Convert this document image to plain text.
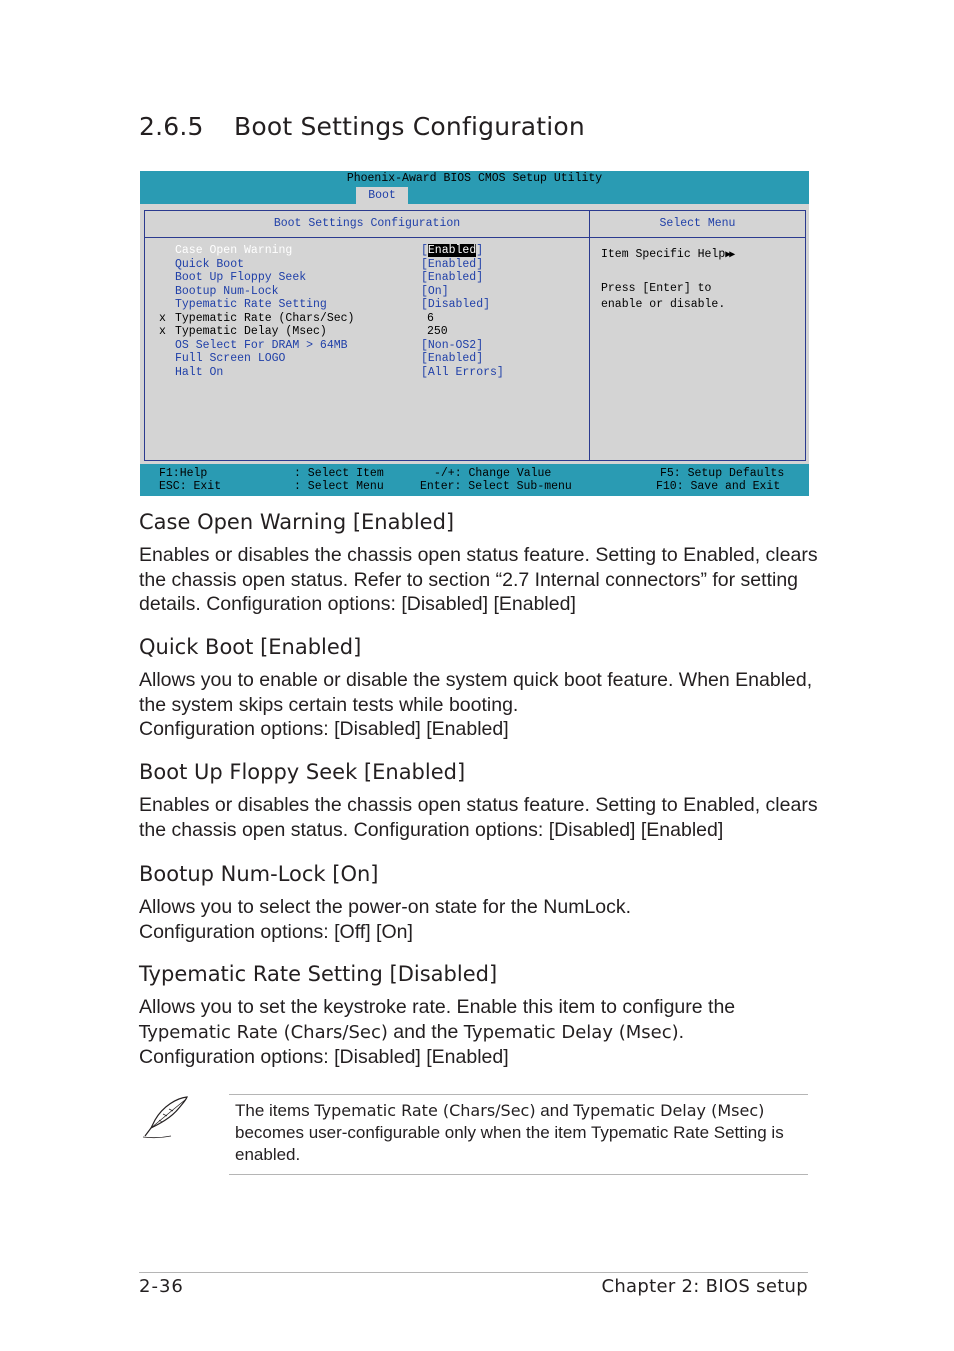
2.6.5 Boot Settings Configuration
Phoenix-Award BIOS CMOS Setup Utility
Boot
Boot Settings Configuration
Case Open Warning	[Enabled]
Quick Boot	[Enabled]
Boot Up Floppy Seek	[Enabled]
Bootup Num-Lock	[On]
Typematic Rate Setting	[Disabled]
x Typematic Rate (Chars/Sec)	6
x Typematic Delay (Msec)	250
OS Select For DRAM > 64MB	[Non-OS2]
Full Screen LOGO	[Enabled]
Halt On	[All Errors]
Select Menu
Item Specific Help▶▶
Press [Enter] to
enable or disable.
F1:Help	: Select Item	-/+: Change Value	F5: Setup Defaults
ESC: Exit	: Select Menu	Enter: Select Sub-menu	F10: Save and Exit
Case Open Warning [Enabled]

Enables or disables the chassis open status feature. Setting to Enabled, clears the chassis open status. Refer to section “2.7 Internal connectors” for setting details. Configuration options: [Disabled] [Enabled]

Quick Boot [Enabled]

Allows you to enable or disable the system quick boot feature. When Enabled, the system skips certain tests while booting.
Configuration options: [Disabled] [Enabled]

Boot Up Floppy Seek [Enabled]

Enables or disables the chassis open status feature. Setting to Enabled, clears the chassis open status. Configuration options: [Disabled] [Enabled]

Bootup Num-Lock [On]

Allows you to select the power-on state for the NumLock.
Configuration options: [Off] [On]

Typematic Rate Setting [Disabled]

Allows you to set the keystroke rate. Enable this item to configure the
Typematic Rate (Chars/Sec) and the Typematic Delay (Msec).
Configuration options: [Disabled] [Enabled]

The items Typematic Rate (Chars/Sec) and Typematic Delay (Msec) becomes user-configurable only when the item Typematic Rate Setting is enabled.

2-36	Chapter 2: BIOS setup
